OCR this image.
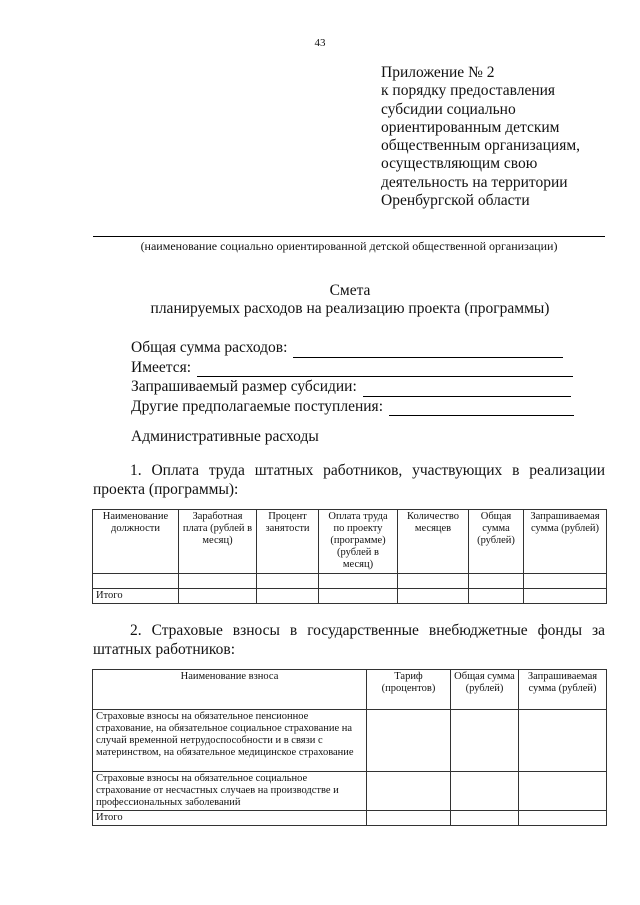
43
Приложение № 2
к порядку предоставления
субсидии социально
ориентированным детским
общественным организациям,
осуществляющим свою
деятельность на территории
Оренбургской области
(наименование социально ориентированной детской общественной организации)
Смета
планируемых расходов на реализацию проекта (программы)
Общая сумма расходов:
Имеется:
Запрашиваемый размер субсидии:
Другие предполагаемые поступления:
Административные расходы
1. Оплата труда штатных работников, участвующих в реализации проекта (программы):
Наименование должности	Заработная плата (рублей в месяц)	Процент занятости	Оплата труда по проекту (программе) (рублей в месяц)	Количество месяцев	Общая сумма (рублей)	Запрашиваемая сумма (рублей)

Итого						
2. Страховые взносы в государственные внебюджетные фонды за штатных работников:
Наименование взноса	Тариф (процентов)	Общая сумма (рублей)	Запрашиваемая сумма (рублей)
Страховые взносы на обязательное пенсионное страхование, на обязательное социальное страхование на случай временной нетрудоспособности и в связи с материнством, на обязательное медицинское страхование			
Страховые взносы на обязательное социальное страхование от несчастных случаев на производстве и профессиональных заболеваний			
Итого			
